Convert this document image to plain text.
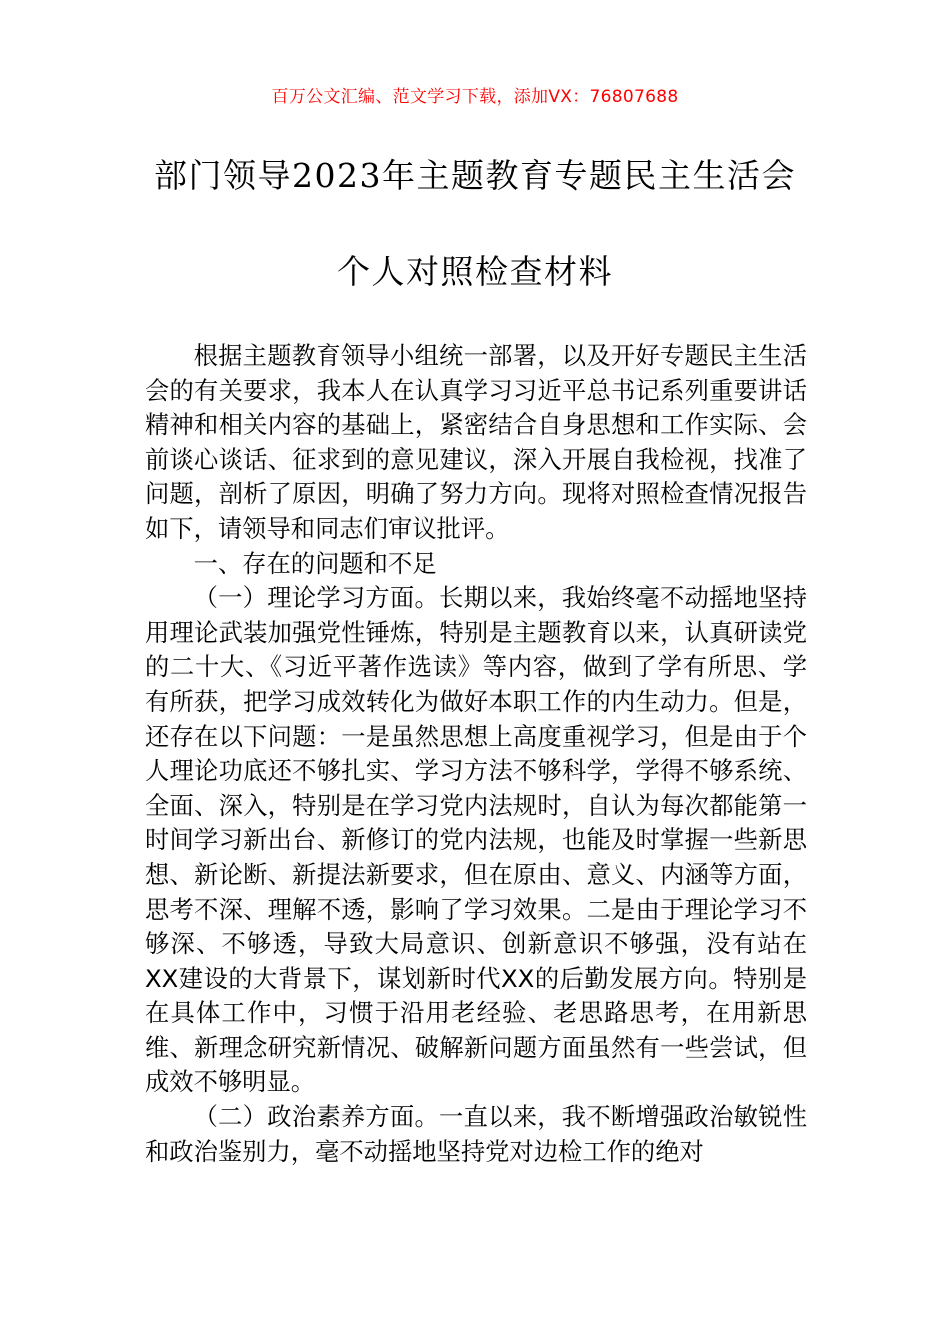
百万公文汇编、范文学习下载，添加VX：76807688
部门领导2023年主题教育专题民主生活会
个人对照检查材料

根据主题教育领导小组统一部署，以及开好专题民主生活会的有关要求，我本人在认真学习习近平总书记系列重要讲话精神和相关内容的基础上，紧密结合自身思想和工作实际、会前谈心谈话、征求到的意见建议，深入开展自我检视，找准了问题，剖析了原因，明确了努力方向。现将对照检查情况报告如下，请领导和同志们审议批评。

一、存在的问题和不足

（一）理论学习方面。长期以来，我始终毫不动摇地坚持用理论武装加强党性锤炼，特别是主题教育以来，认真研读党的二十大、《习近平著作选读》等内容，做到了学有所思、学有所获，把学习成效转化为做好本职工作的内生动力。但是，还存在以下问题：一是虽然思想上高度重视学习，但是由于个人理论功底还不够扎实、学习方法不够科学，学得不够系统、全面、深入，特别是在学习党内法规时，自认为每次都能第一时间学习新出台、新修订的党内法规，也能及时掌握一些新思想、新论断、新提法新要求，但在原由、意义、内涵等方面，思考不深、理解不透，影响了学习效果。二是由于理论学习不够深、不够透，导致大局意识、创新意识不够强，没有站在XX建设的大背景下，谋划新时代XX的后勤发展方向。特别是在具体工作中，习惯于沿用老经验、老思路思考，在用新思维、新理念研究新情况、破解新问题方面虽然有一些尝试，但成效不够明显。

（二）政治素养方面。一直以来，我不断增强政治敏锐性和政治鉴别力，毫不动摇地坚持党对边检工作的绝对
